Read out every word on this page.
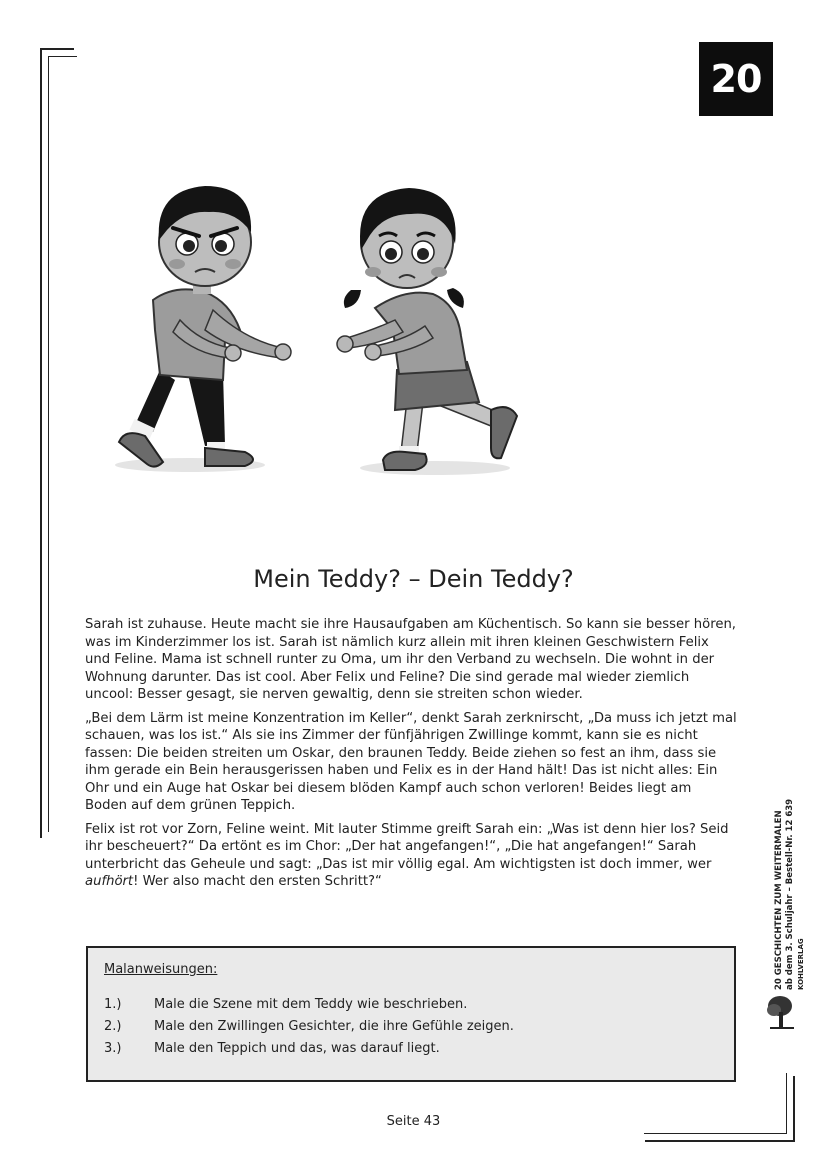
20
Mein Teddy? – Dein Teddy?

Sarah ist zuhause. Heute macht sie ihre Hausaufgaben am Küchentisch. So kann sie besser hören, was im Kinderzimmer los ist. Sarah ist nämlich kurz allein mit ihren kleinen Geschwistern Felix und Feline. Mama ist schnell runter zu Oma, um ihr den Verband zu wechseln. Die wohnt in der Wohnung darunter. Das ist cool. Aber Felix und Feline? Die sind gerade mal wieder ziemlich uncool: Besser gesagt, sie nerven gewaltig, denn sie streiten schon wieder.

„Bei dem Lärm ist meine Konzentration im Keller“, denkt Sarah zerknirscht, „Da muss ich jetzt mal schauen, was los ist.“ Als sie ins Zimmer der fünfjährigen Zwillinge kommt, kann sie es nicht fassen: Die beiden streiten um Oskar, den braunen Teddy. Beide ziehen so fest an ihm, dass sie ihm gerade ein Bein herausgerissen haben und Felix es in der Hand hält! Das ist nicht alles: Ein Ohr und ein Auge hat Oskar bei diesem blöden Kampf auch schon verloren! Beides liegt am Boden auf dem grünen Teppich.

Felix ist rot vor Zorn, Feline weint. Mit lauter Stimme greift Sarah ein: „Was ist denn hier los? Seid ihr bescheuert?“ Da ertönt es im Chor: „Der hat angefangen!“, „Die hat angefangen!“ Sarah unterbricht das Geheule und sagt: „Das ist mir völlig egal. Am wichtigsten ist doch immer, wer aufhört! Wer also macht den ersten Schritt?“

Malanweisungen:
1.)	Male die Szene mit dem Teddy wie beschrieben.
2.)	Male den Zwillingen Gesichter, die ihre Gefühle zeigen.
3.)	Male den Teppich und das, was darauf liegt.
20 GESCHICHTEN ZUM WEITERMALEN ab dem 3. Schuljahr – Bestell-Nr. 12 639 KOHLVERLAG
Seite 43
